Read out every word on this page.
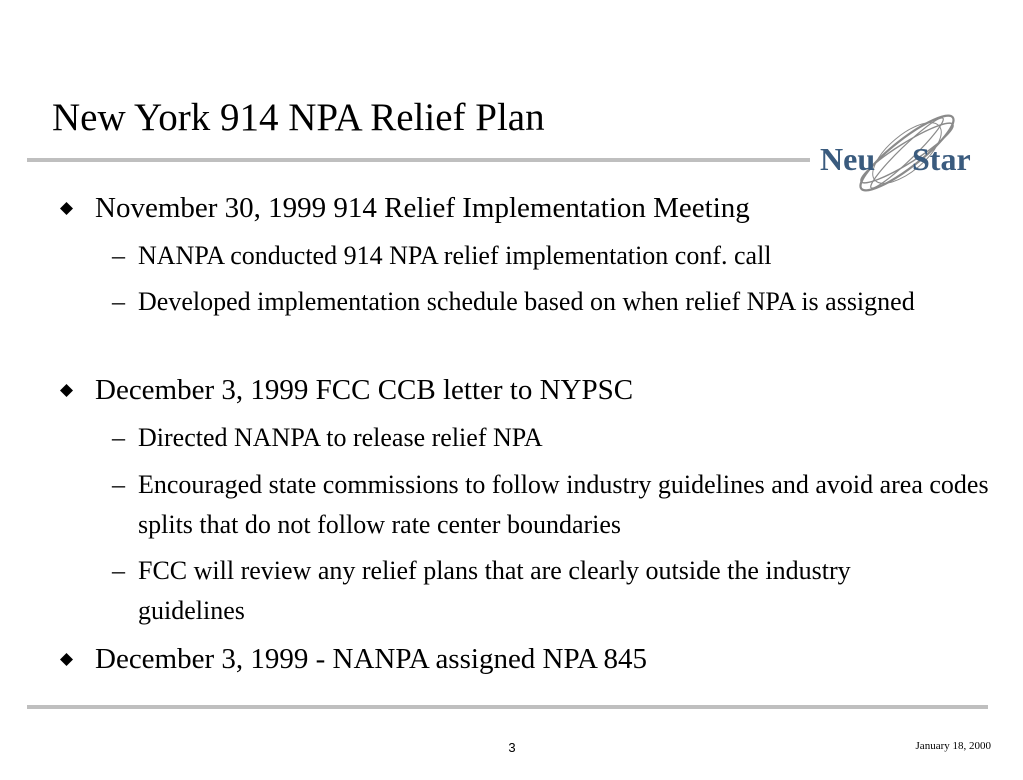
New York 914 NPA Relief Plan
Neu Star
November 30, 1999 914 Relief Implementation Meeting
– NANPA conducted 914 NPA relief implementation conf. call
– Developed implementation schedule based on when relief NPA is assigned
December 3, 1999 FCC CCB letter to NYPSC
– Directed NANPA to release relief NPA
– Encouraged state commissions to follow industry guidelines and avoid area codes splits that do not follow rate center boundaries
– FCC will review any relief plans that are clearly outside the industry guidelines
December 3, 1999 - NANPA assigned NPA 845
3	January 18, 2000
